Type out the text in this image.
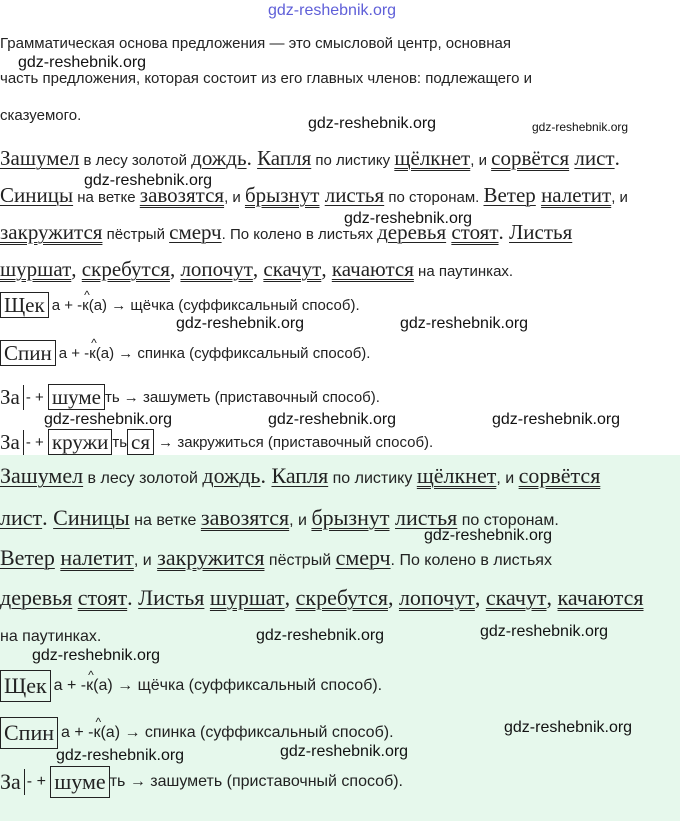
gdz-reshebnik.org
Грамматическая основа предложения — это смысловой центр, основная
часть предложения, которая состоит из его главных членов: подлежащего и
сказуемого.
Зашумел в лесу золотой дождь . Капля по листику щёлкнет , и сорвётся
лист .
Синицы на ветке завозятся , и брызнут
листья по сторонам. Ветер
налетит , и
закружится пёстрый смерч . По колено в листьях деревья
стоят . Листья
шуршат , скребутся , лопочут , скачут , качаются на паутинках.
Щек а + - ^ к (а) → щёчка (суффиксальный способ).
Спин а + - ^ к (а) → спинка (суффиксальный способ).
За - + шуме ть → зашуметь (приставочный способ).
За - + кружи ть ся → закружиться (приставочный способ).
Зашумел в лесу золотой дождь . Капля по листику щёлкнет , и сорвётся
лист . Синицы на ветке завозятся , и брызнут
листья по сторонам.
Ветер
налетит , и
закружится пёстрый смерч . По колено в листьях
деревья
стоят . Листья
шуршат , скребутся , лопочут , скачут , качаются
на паутинках.
Щек а + - ^ к (а) → щёчка (суффиксальный способ).
Спин а + - ^ к (а) → спинка (суффиксальный способ).
За - + шуме ть → зашуметь (приставочный способ).
gdz-reshebnik.org
gdz-reshebnik.org	gdz-reshebnik.org
gdz-reshebnik.org
gdz-reshebnik.org
gdz-reshebnik.org	gdz-reshebnik.org
gdz-reshebnik.org	gdz-reshebnik.org	gdz-reshebnik.org
gdz-reshebnik.org
gdz-reshebnik.org	gdz-reshebnik.org
gdz-reshebnik.org
gdz-reshebnik.org
gdz-reshebnik.org	gdz-reshebnik.org
